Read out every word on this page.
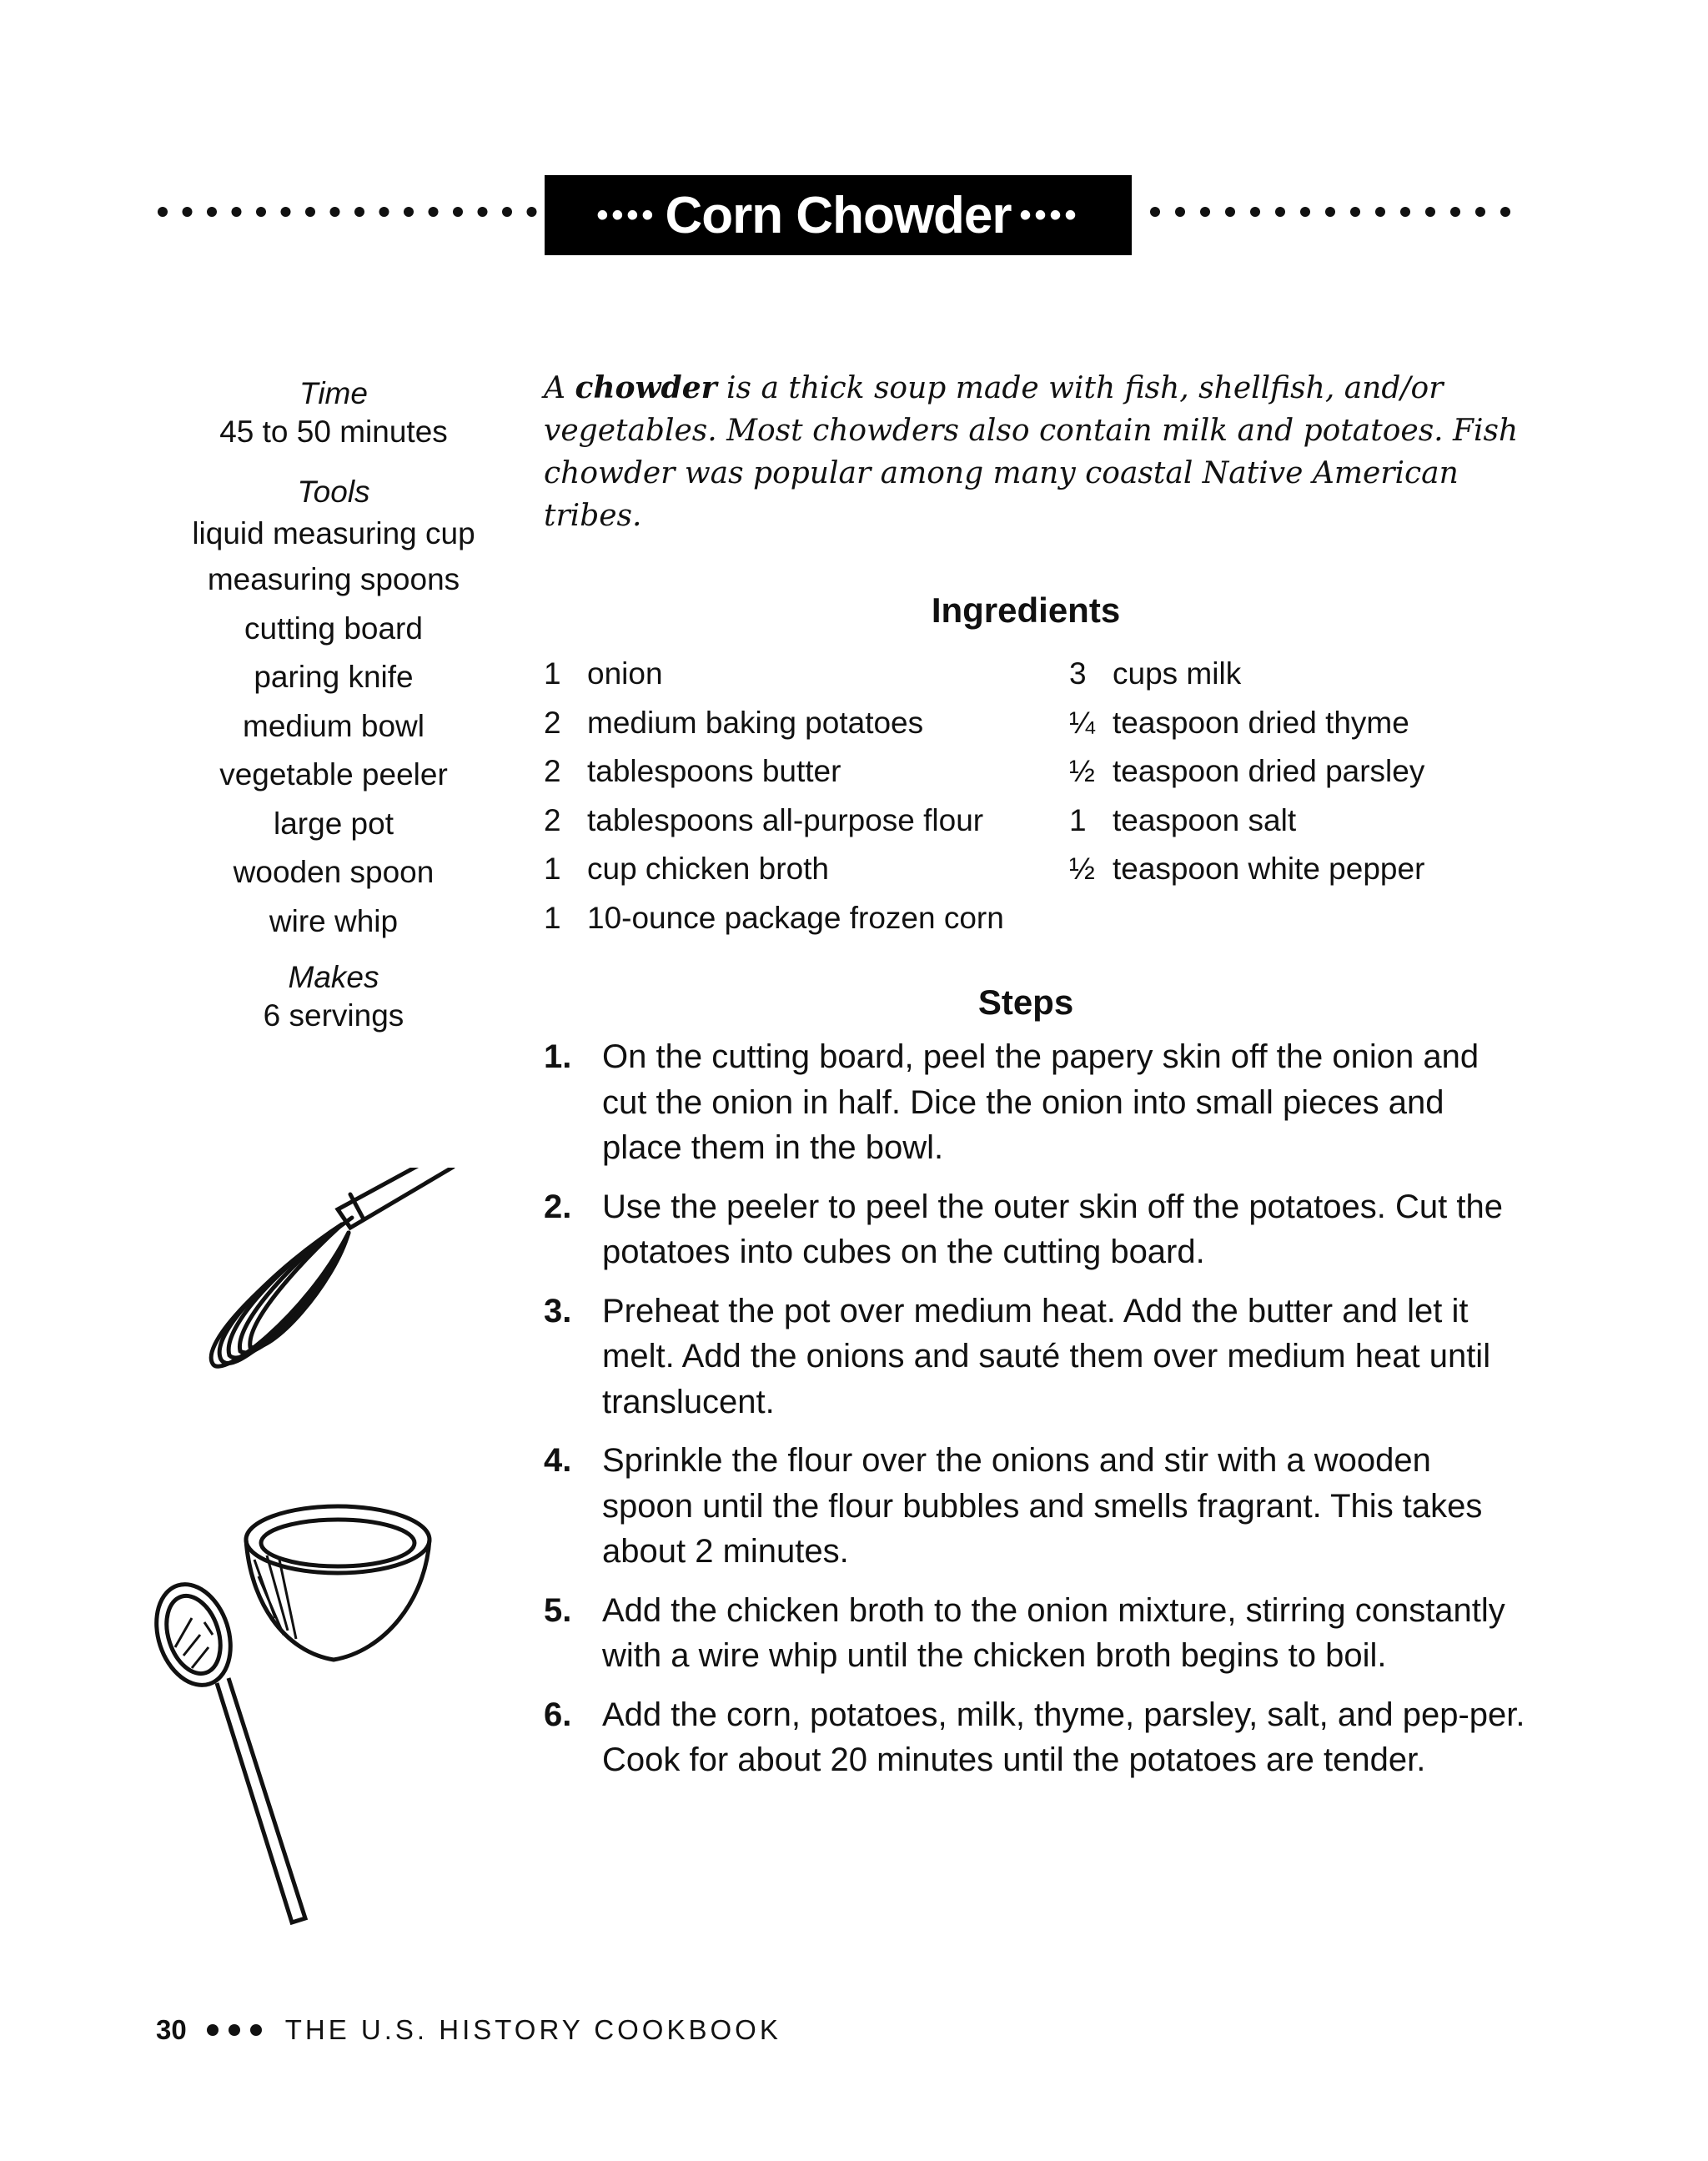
•••• Corn Chowder ••••

Time

45 to 50 minutes

Tools

liquid measuring cup
measuring spoons
cutting board
paring knife
medium bowl
vegetable peeler
large pot
wooden spoon
wire whip

Makes

6 servings

A chowder is a thick soup made with fish, shellfish, and/or vegetables. Most chowders also contain milk and potatoes. Fish chowder was popular among many coastal Native American tribes.

Ingredients
1 onion
2 medium baking potatoes
2 tablespoons butter
2 tablespoons all-purpose flour
1 cup chicken broth
1 10-ounce package frozen corn
3 cups milk
¼ teaspoon dried thyme
½ teaspoon dried parsley
1 teaspoon salt
½ teaspoon white pepper
Steps
1. On the cutting board, peel the papery skin off the onion and cut the onion in half. Dice the onion into small pieces and place them in the bowl.
2. Use the peeler to peel the outer skin off the potatoes. Cut the potatoes into cubes on the cutting board.
3. Preheat the pot over medium heat. Add the butter and let it melt. Add the onions and sauté them over medium heat until translucent.
4. Sprinkle the flour over the onions and stir with a wooden spoon until the flour bubbles and smells fragrant. This takes about 2 minutes.
5. Add the chicken broth to the onion mixture, stirring constantly with a wire whip until the chicken broth begins to boil.
6. Add the corn, potatoes, milk, thyme, parsley, salt, and pep-per. Cook for about 20 minutes until the potatoes are tender.
30	THE U.S. HISTORY COOKBOOK
